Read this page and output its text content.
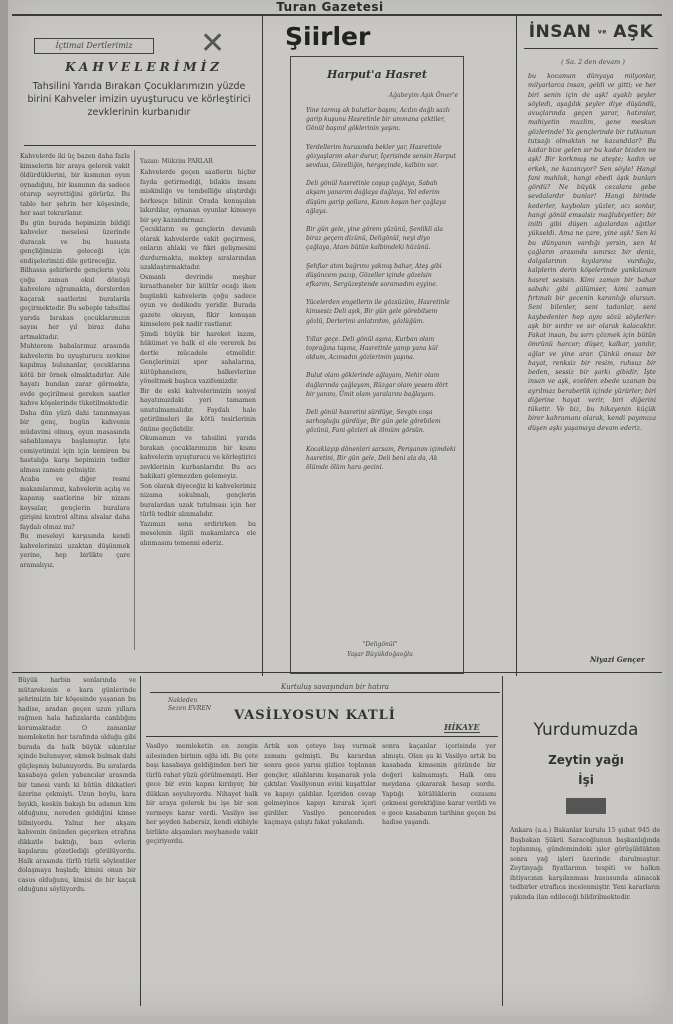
Turan Gazetesi
İçtimai Dertlerimiz	✕
KAHVELERİMİZ
Tahsilini Yarıda Bırakan Çocuklarımızın yüzde birini Kahveler imizin uyuşturucu ve körleştirici zevklerinin kurbanıdır
Yazan: Mükrim PARLAR

Kahvelerde iki üç bazen daha fazla kimselerin bir araya gelerek vakit öldürdüklerini, bir kısmının oyun oynadığını, bir kısmının da sadece oturup seyrettiğini görürüz. Bu tablo her şehrin her köşesinde, her saat tekrarlanır.

Bu gün burada hepimizin bildiği kahveler meselesi üzerinde duracak ve bu hususta gençliğimizin geleceği için endişelerimizi dile getireceğiz.

Bilhassa şehirlerde gençlerin yolu çoğu zaman okul dönüşü kahvelere uğramakta, derslerden kaçarak saatlerini buralarda geçirmektedir. Bu sebeple tahsilini yarıda bırakan çocuklarımızın sayısı her yıl biraz daha artmaktadır.

Muhterem babalarımız arasında kahvelerin bu uyuşturucu zevkine kapılmış bulunanlar, çocuklarına kötü bir örnek olmaktadırlar. Aile hayatı bundan zarar görmekte, evde geçirilmesi gereken saatler kahve köşelerinde tüketilmektedir.

Daha dün yüzü dahi tanınmayan bir genç, bugün kahvenin müdavimi olmuş, oyun masasında sabahlamaya başlamıştır. İşte cemiyetimizi için için kemiren bu hastalığa karşı hepimizin tedbir alması zamanı gelmiştir.

Acaba ve diğer resmi makamlarımız, kahvelerin açılış ve kapanış saatlerine bir nizam koysalar, gençlerin buralara girişini kontrol altına alsalar daha faydalı olmaz mı?

Bu meseleyi karşısında kendi kahvelerimizi uzaktan düşünmek yerine, hep birlikte çare aramalıyız.

Kahvelerde geçen saatlerin hiçbir fayda getirmediği, bilakis insanı miskinliğe ve tembelliğe alıştırdığı herkesçe bilinir. Orada konuşulan lakırdılar, oynanan oyunlar kimseye bir şey kazandırmaz.

Çocukların ve gençlerin devamlı olarak kahvelerde vakit geçirmesi, onların ahlaki ve fikri gelişmesini durdurmakta, mektep sıralarından uzaklaştırmaktadır.

Osmanlı devrinde meşhur kıraathaneler bir kültür ocağı iken bugünkü kahvelerin çoğu sadece oyun ve dedikodu yeridir. Burada gazete okuyan, fikir konuşan kimselere pek nadir rastlanır.

Şimdi büyük bir hareket lazım, hükümet ve halk el ele vererek bu dertle mücadele etmelidir. Gençlerimizi spor sahalarına, kütüphanelere, halkevlerine yöneltmek başlıca vazifemizdir.

Bir de eski kahvelerimizin sosyal hayatımızdaki yeri tamamen unutulmamalıdır. Faydalı hale getirilmeleri ile kötü tesirlerinin önüne geçilebilir.

Okumamızı ve tahsilini yarıda bırakan çocuklarımızın bir kısmı kahvelerin uyuşturucu ve körleştirici zevklerinin kurbanlarıdır. Bu acı hakikati görmezden gelemeyiz.

Son olarak diyeceğiz ki kahvelerimiz nizama sokulmalı, gençlerin buralardan uzak tutulması için her türlü tedbir alınmalıdır.

Yazımızı sona erdirirken bu meselenin ilgili makamlarca ele alınmasını temenni ederiz.

Şiirler
Harput'a Hasret
Ağabeyim Aşık Ömer'e

Yine tarmış ak bulutlar başını, Acılın dağlı sazlı garip kuşunu Hasretinle bir ummana çektiler, Gönül başınıl göklerinin yaşını.

Yerdellerim hurasında bekler yar, Hasretinle gözyaşlarım akar durur, İçerisinde sensin Harput sevdası, Gözelliğin, hergeçinde, kalbim var.

Deli gönül hasretinle coşup çağlaya, Sabah akşam yanarım dağlaya dağlaya, Yel ederim düşüm garip gollara, Kanın koşan her çağlaya ağlaya.

Bir gün gele, yine görem yüzünü, Şenlikli ala biraz geçem dizünü, Deligönül, neyi diyo çağlaya, Atam bütün kalbimdeki hüzünü.

Şehfiar atım bağrımı yakmış bahar, Ateş gibi düşüncem pazıp, Gözeller içinde gözelsin efkarım, Sergüzeştende soramadım eyyine.

Yücelerden engellerin ile gözsüzüm, Hasretinle kimsesiz Deli aşık, Bir gün gele görebilsem gözlü, Derlerimi anlatırdım, gözlüğüm.

Yıllar geçe. Deli gönül aşına, Kurban olam toprağına taşına, Hasretinle yanıp yana kül oldum, Acımadın gözlerimin yaşına.

Bulut olam göklerinde ağlayam, Nehir olam dağlarında çağlayam, Rüzgar olam yesem dört bir yanını, Ümit olam yaralarını bağlayam.

Deli gönül hasretini sürdüye, Sevgin coşa sarhoşluğu gürdüye, Bir gün gele görebilem gözünü, Fani gözleri ak ölmüm görsün.

Kocaklayıp dönenleri sarsam, Perişanım içimdeki hasretini, Bir gün gele, Deli beni ala da, Ak ölümde ölüm hara gecini.

"Deligönül"
Yaşar Büyükdoğaoğlu
İNSAN ve AŞK
( Sa. 2 den devam )
bu kocaman dünyaya milyonlar, milyarlarca insan, geldi ve gitti; ve her biri senin için de aşk! ayaklı şeyler söyledi, aşağılık şeyler diye düşündü, avuçlarında geçen yarar, hatıralar, mahiyetin muzlim, gene meskun gözlerinde! Ya gençlerinde bir tutkunun tutsağı olmaktan ne kazandılar? Bu kadar bize gelen sır bu kadar bizden ne aşk! Bir korkmuş ne ateşte; kadın ve erkek, ne kazanıyor? Sen söyle! Hangi fani mahluk, hangi ebedi âşık bunları gördü? Ne büyük cezalara gebe sevdalardır bunlar! Hangi birinde kederler, kaybolan yüzler, acı sonlar, hangi gönül emsalsiz mağlubiyetler; bir inilti gibi düşen ağızlardan ağıtlar yükseldi. Ama ne çare, yine aşk! Sen ki bu dünyanın vardığı yersin, sen ki çağların arasında sınırsız bir deniz, dalgalarının kıyılarına vurduğu, kalplerin derin köşelerinde yankılanan hasret sesisin. Kimi zaman bir bahar sabahı gibi gülümser, kimi zaman fırtınalı bir gecenin karanlığı olursun. Seni bilenler, seni tadanlar, seni kaybedenler hep aynı sözü söylerler: aşk bir sırdır ve sır olarak kalacaktır. Fakat insan, bu sırrı çözmek için bütün ömrünü harcar; düşer, kalkar, yanılır, ağlar ve yine arar. Çünkü onsuz bir hayat, renksiz bir resim, ruhsuz bir beden, sessiz bir şarkı gibidir. İşte insan ve aşk, ezelden ebede uzanan bu ayrılmaz beraberlik içinde yürürler; biri diğerine hayat verir, biri diğerini tüketir. Ve biz, bu hikayenin küçük birer kahramanı olarak, kendi payımıza düşen aşkı yaşamaya devam ederiz.
Niyazi Gençer
Büyük harbin sonlarında ve mütarekenin o kara günlerinde şehrimizin bir köşesinde yaşanan bu hadise, aradan geçen uzun yıllara rağmen hala hafızalarda canlılığını korumaktadır. O zamanlar memleketin her tarafında olduğu gibi burada da halk büyük sıkıntılar içinde bulunuyor, ekmek bulmak dahi güçleşmiş bulunuyordu. Bu sıralarda kasabaya gelen yabancılar arasında bir tanesi vardı ki bütün dikkatleri üzerine çekmişti. Uzun boylu, kara bıyıklı, keskin bakışlı bu adamın kim olduğunu, nereden geldiğini kimse bilmiyordu. Yalnız her akşam kahvenin önünden geçerken etrafına dikkatle baktığı, bazı evlerin kapılarını gözetlediği görülüyordu. Halk arasında türlü türlü söylentiler dolaşmaya başladı; kimisi onun bir casus olduğunu, kimisi de bir kaçak olduğunu söylüyordu.
Kurtuluş savaşından bir hatıra
Nakleden
Sezen EVREN	VASİLYOSUN KATLİ
HİKAYE
Vasilyo memleketin en zengin ailesinden birinin oğlu idi. Bu çete başı kasabaya geldiğinden beri bir türlü rahat yüzü görülmemişti. Her gece bir evin kapısı kırılıyor, bir dükkan soyuluyordu. Nihayet halk bir araya gelerek bu işe bir son vermeye karar verdi. Vasilyo ise her şeyden habersiz, kendi ekibiyle birlikte akşamları meyhanede vakit geçiriyordu.
Artık son çeteye baş vurmak zamanı gelmişti. Bu karardan sonra gece yarısı gizlice toplanan gençler, silahlarını kuşanarak yola çıktılar. Vasilyonun evini kuşattılar ve kapıyı çaldılar. İçeriden cevap gelmeyince kapıyı kırarak içeri girdiler. Vasilyo pencereden kaçmaya çalıştı fakat yakalandı.
sonra kaçanlar içerisinde yer almıştı. Olan şu ki Vasilyo artık bu kasabada kimsenin gözünde bir değeri kalmamıştı. Halk onu meydana çıkararak hesap sordu. Yaptığı kötülüklerin cezasını çekmesi gerektiğine karar verildi ve o gece kasabanın tarihine geçen bu hadise yaşandı.
Yurdumuzda
Zeytin yağı
İşi
Ankara (a.a.) Bakanlar kurulu 15 şubat 945 de Başbakan Şükrü Saracoğlunun başkanlığında toplanmış, gündemindeki işler görüşüldükten sonra yağ işleri üzerinde durulmuştur. Zeytinyağı fiyatlarının tespiti ve halkın ihtiyacının karşılanması hususunda alınacak tedbirler etraflıca incelenmiştir. Yeni kararların yakında ilan edileceği bildirilmektedir.
